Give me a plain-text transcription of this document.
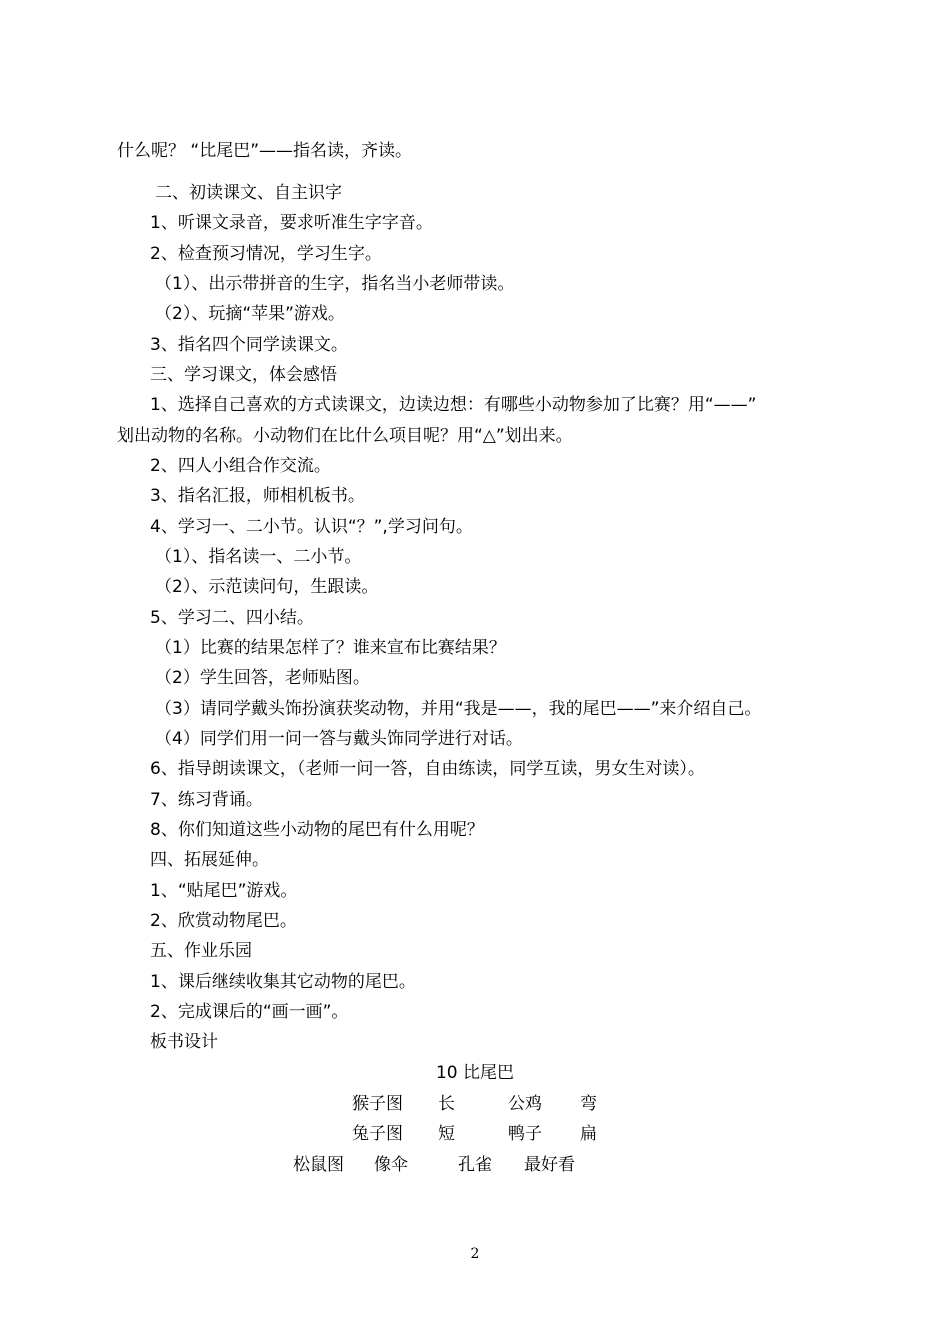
什么呢？ “比尾巴”——指名读，齐读。
二、初读课文、自主识字
1、听课文录音，要求听准生字字音。
2、检查预习情况，学习生字。
（1）、出示带拼音的生字，指名当小老师带读。
（2）、玩摘“苹果”游戏。
3、指名四个同学读课文。
三、学习课文，体会感悟
1、选择自己喜欢的方式读课文，边读边想：有哪些小动物参加了比赛？用“——”
划出动物的名称。小动物们在比什么项目呢？用“△”划出来。
2、四人小组合作交流。
3、指名汇报，师相机板书。
4、学习一、二小节。认识“？”,学习问句。
（1）、指名读一、二小节。
（2）、示范读问句，生跟读。
5、学习二、四小结。
（1）比赛的结果怎样了？谁来宣布比赛结果？
（2）学生回答，老师贴图。
（3）请同学戴头饰扮演获奖动物，并用“我是——，我的尾巴——”来介绍自己。
（4）同学们用一问一答与戴头饰同学进行对话。
6、指导朗读课文，（老师一问一答，自由练读，同学互读，男女生对读）。
7、练习背诵。
8、你们知道这些小动物的尾巴有什么用呢？
四、拓展延伸。
1、“贴尾巴”游戏。
2、欣赏动物尾巴。
五、作业乐园
1、课后继续收集其它动物的尾巴。
2、完成课后的“画一画”。
板书设计
10 比尾巴
猴子图 长	公鸡 弯
兔子图 短	鸭子 扁
松鼠图 像伞	孔雀 最好看
2
